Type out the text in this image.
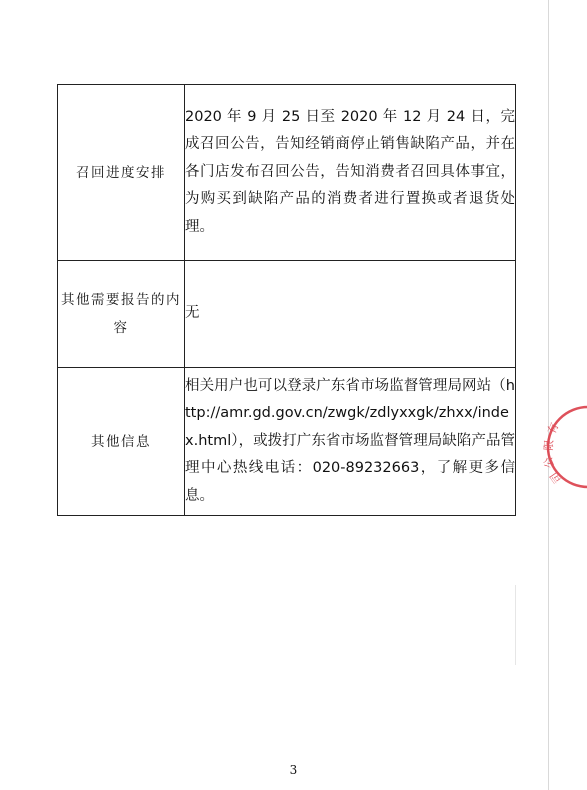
召回进度安排	2020 年 9 月 25 日至 2020 年 12 月 24 日，完成召回公告，告知经销商停止销售缺陷产品，并在各门店发布召回公告，告知消费者召回具体事宜，为购买到缺陷产品的消费者进行置换或者退货处理。
其他需要报告的内容	无
其他信息	相关用户也可以登录广东省市场监督管理局网站（http://amr.gd.gov.cn/zwgk/zdlyxxgk/zhxx/index.html），或拨打广东省市场监督管理局缺陷产品管理中心热线电话：020-89232663，了解更多信息。
有
限
公
司
3
